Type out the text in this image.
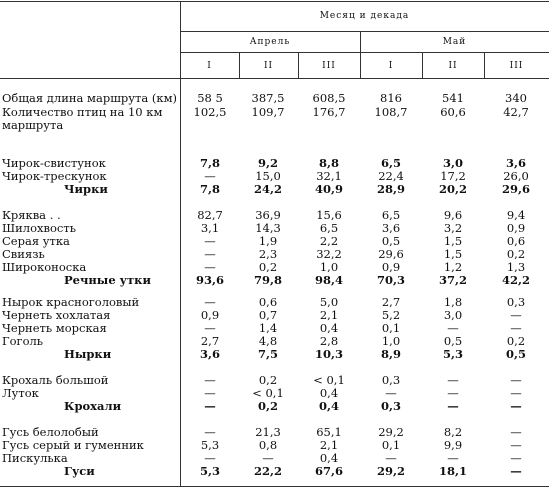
Месяц и декада
Апрель	Май
I	II	III	I	II	III
Общая длина маршрута (км)	58 5	387,5	608,5	816	541	340
Количество птиц на 10 км	102,5	109,7	176,7	108,7	60,6	42,7
маршрута
Чирок-свистунок	7,8	9,2	8,8	6,5	3,0	3,6
Чирок-трескунок	—	15,0	32,1	22,4	17,2	26,0
Чирки	7,8	24,2	40,9	28,9	20,2	29,6
Кряква . .	82,7	36,9	15,6	6,5	9,6	9,4
Шилохвость	3,1	14,3	6,5	3,6	3,2	0,9
Серая утка	—	1,9	2,2	0,5	1,5	0,6
Свиязь	—	2,3	32,2	29,6	1,5	0,2
Широконоска	—	0,2	1,0	0,9	1,2	1,3
Речные утки	93,6	79,8	98,4	70,3	37,2	42,2
Нырок красноголовый	—	0,6	5,0	2,7	1,8	0,3
Чернеть хохлатая	0,9	0,7	2,1	5,2	3,0	—
Чернеть морская	—	1,4	0,4	0,1	—	—
Гоголь	2,7	4,8	2,8	1,0	0,5	0,2
Нырки	3,6	7,5	10,3	8,9	5,3	0,5
Крохаль большой	—	0,2	< 0,1	0,3	—	—
Луток	—	< 0,1	0,4	—	—	—
Крохали	—	0,2	0,4	0,3	—	—
Гусь белолобый	—	21,3	65,1	29,2	8,2	—
Гусь серый и гуменник	5,3	0,8	2,1	0,1	9,9	—
Пискулька	—	—	0,4	—	—	—
Гуси	5,3	22,2	67,6	29,2	18,1	—
